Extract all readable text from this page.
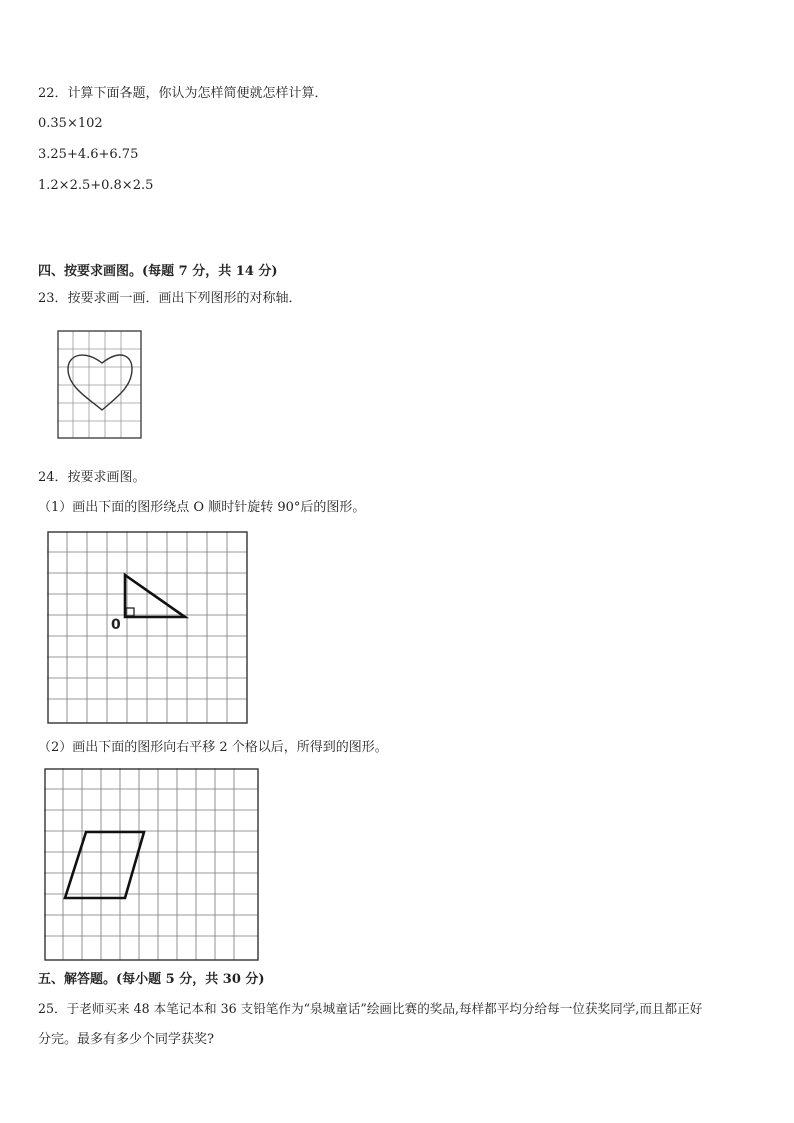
22．计算下面各题，你认为怎样简便就怎样计算．
0.35×102
3.25+4.6+6.75
1.2×2.5+0.8×2.5
四、按要求画图。(每题 7 分，共 14 分)
23．按要求画一画．画出下列图形的对称轴．
24．按要求画图。
（1）画出下面的图形绕点 O 顺时针旋转 90°后的图形。
0
（2）画出下面的图形向右平移 2 个格以后，所得到的图形。
五、解答题。(每小题 5 分，共 30 分)
25．于老师买来 48 本笔记本和 36 支铅笔作为“泉城童话”绘画比赛的奖品,每样都平均分给每一位获奖同学,而且都正好
分完。最多有多少个同学获奖?
